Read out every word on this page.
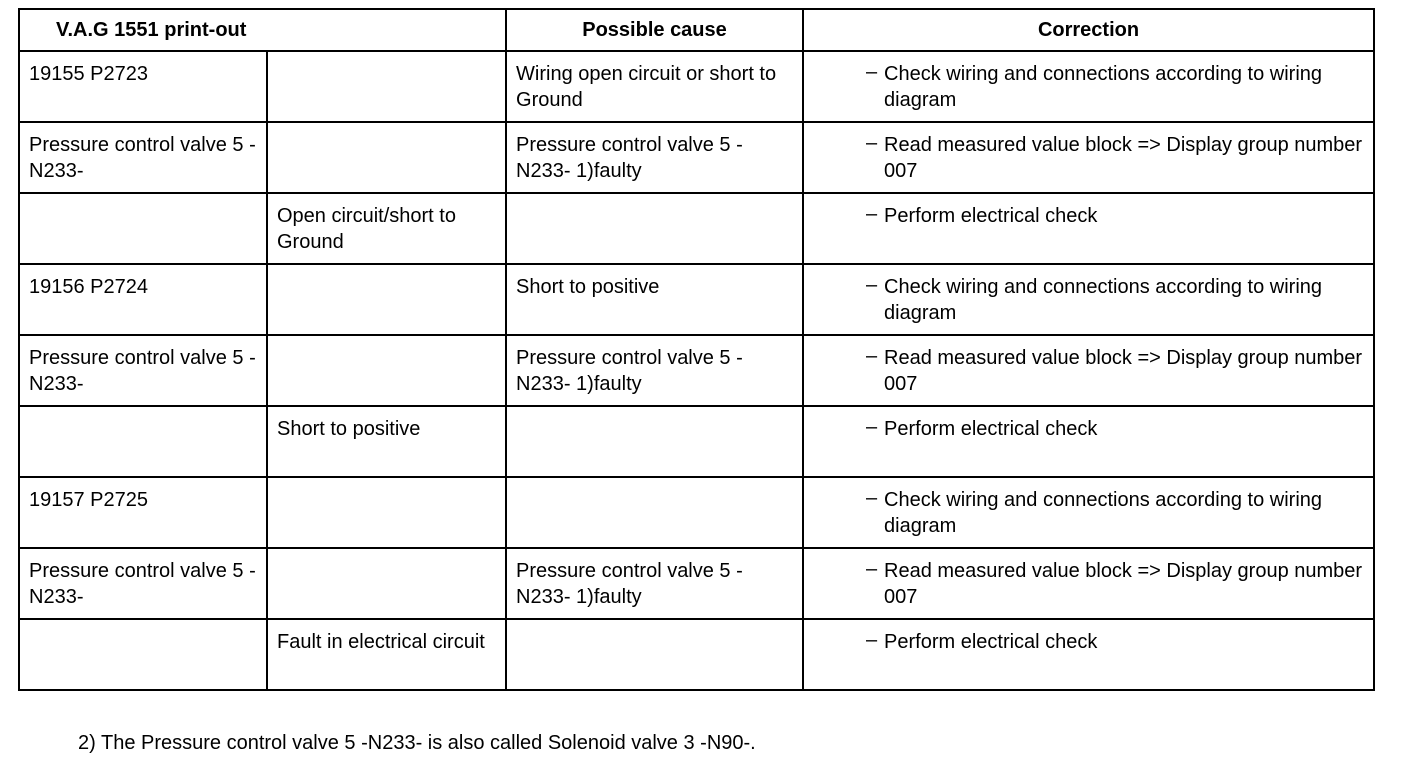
V.A.G 1551 print-out		Possible cause	Correction

19155 P2723		Wiring open circuit or short to Ground	– Check wiring and connections according to wiring diagram

Pressure control valve 5 -N233-		Pressure control valve 5 -N233- 1)faulty	– Read measured value block => Display group number 007

	Open circuit/short to Ground		– Perform electrical check

19156 P2724		Short to positive	– Check wiring and connections according to wiring diagram

Pressure control valve 5 -N233-		Pressure control valve 5 -N233- 1)faulty	– Read measured value block => Display group number 007

	Short to positive		– Perform electrical check

19157 P2725			– Check wiring and connections according to wiring diagram

Pressure control valve 5 -N233-		Pressure control valve 5 -N233- 1)faulty	– Read measured value block => Display group number 007

	Fault in electrical circuit		– Perform electrical check

2) The Pressure control valve 5 -N233- is also called Solenoid valve 3 -N90-.
